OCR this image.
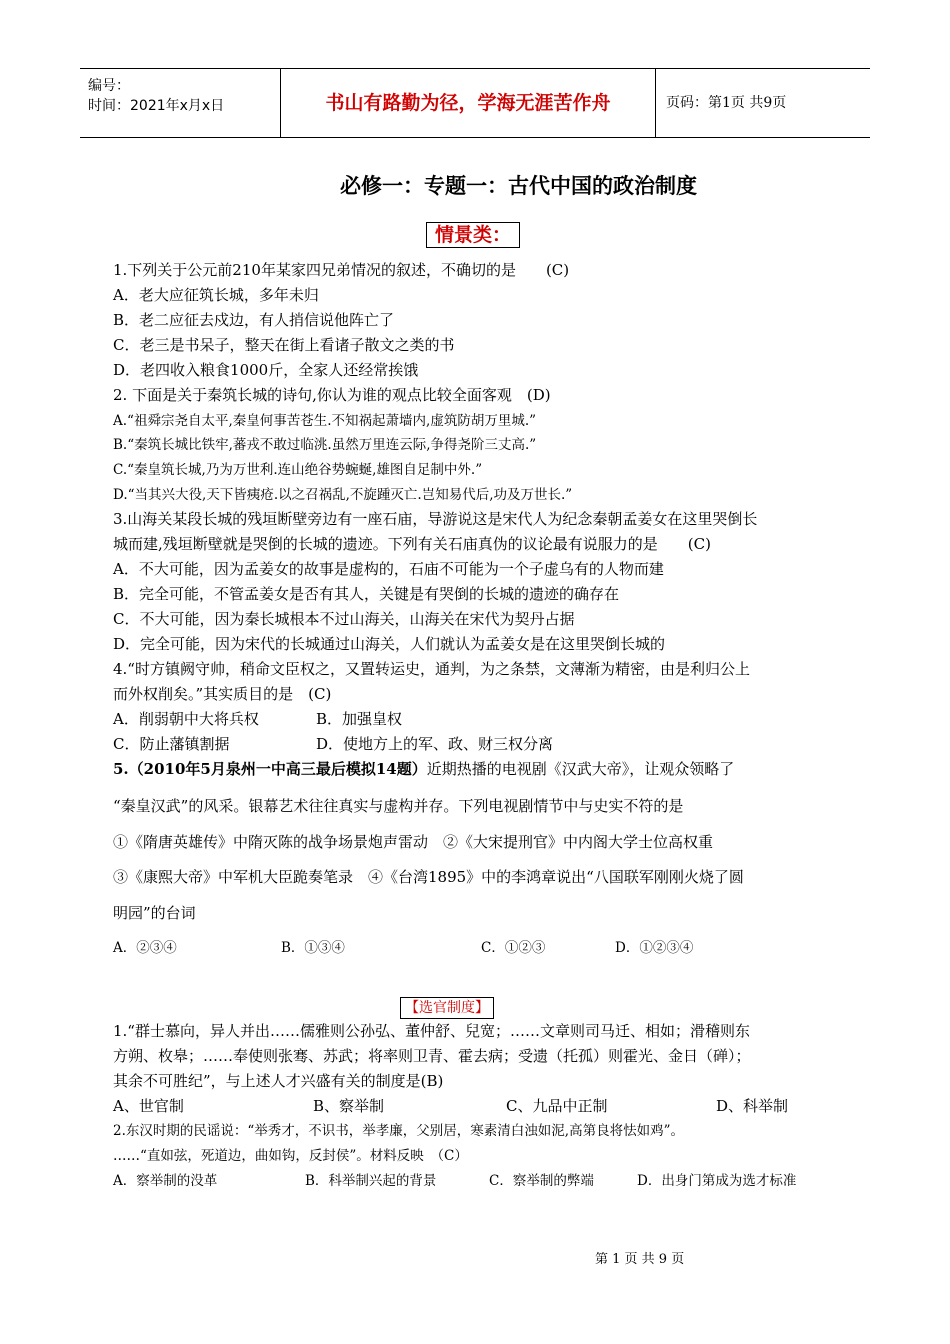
编号：
时间：2021年x月x日	书山有路勤为径，学海无涯苦作舟	页码：第1页 共9页
必修一：专题一：古代中国的政治制度
情景类：
1.下列关于公元前210年某家四兄弟情况的叙述，不确切的是　　(C)
A．老大应征筑长城，多年未归
B．老二应征去戍边，有人捎信说他阵亡了
C．老三是书呆子，整天在街上看诸子散文之类的书
D．老四收入粮食1000斤，全家人还经常挨饿
2. 下面是关于秦筑长城的诗句,你认为谁的观点比较全面客观　(D)
A.“祖舜宗尧自太平,秦皇何事苦苍生.不知祸起萧墙内,虚筑防胡万里城.”
B.“秦筑长城比铁牢,蕃戎不敢过临洮.虽然万里连云际,争得尧阶三丈高.”
C.“秦皇筑长城,乃为万世利.连山绝谷势蜿蜒,雄图自足制中外.”
D.“当其兴大役,天下皆痍疮.以之召祸乱,不旋踵灭亡.岂知易代后,功及万世长.”
3.山海关某段长城的残垣断壁旁边有一座石庙，导游说这是宋代人为纪念秦朝孟姜女在这里哭倒长
城而建,残垣断壁就是哭倒的长城的遗迹。下列有关石庙真伪的议论最有说服力的是　　(C)
A．不大可能，因为孟姜女的故事是虚构的，石庙不可能为一个子虚乌有的人物而建
B．完全可能，不管孟姜女是否有其人，关键是有哭倒的长城的遗迹的确存在
C．不大可能，因为秦长城根本不过山海关，山海关在宋代为契丹占据
D．完全可能，因为宋代的长城通过山海关，人们就认为孟姜女是在这里哭倒长城的
4.“时方镇阙守帅，稍命文臣权之，又置转运史，通判，为之条禁，文薄渐为精密，由是利归公上
而外权削矣。”其实质目的是　(C)
A．削弱朝中大将兵权	B．加强皇权
C．防止藩镇割据	D．使地方上的军、政、财三权分离
5.（2010年5月泉州一中高三最后模拟14题）近期热播的电视剧《汉武大帝》，让观众领略了
“秦皇汉武”的风采。银幕艺术往往真实与虚构并存。下列电视剧情节中与史实不符的是
①《隋唐英雄传》中隋灭陈的战争场景炮声雷动　②《大宋提刑官》中内阁大学士位高权重
③《康熙大帝》中军机大臣跪奏笔录　④《台湾1895》中的李鸿章说出“八国联军刚刚火烧了圆
明园”的台词
A．②③④	B．①③④	C．①②③	D．①②③④
【选官制度】
1.“群士慕向，异人并出……儒雅则公孙弘、董仲舒、兒宽；……文章则司马迁、相如；滑稽则东
方朔、枚皋；……奉使则张骞、苏武；将率则卫青、霍去病；受遗（托孤）则霍光、金日（䃅）；
其余不可胜纪”，与上述人才兴盛有关的制度是(B)
A、世官制	B、察举制	C、九品中正制	D、科举制
2.东汉时期的民谣说：“举秀才，不识书，举孝廉，父别居，寒素清白浊如泥,高第良将怯如鸡”。
……“直如弦，死道边，曲如钩，反封侯”。材料反映　（C）
A．察举制的没革	B．科举制兴起的背景	C．察举制的弊端	D．出身门第成为选才标准
第 1 页 共 9 页
